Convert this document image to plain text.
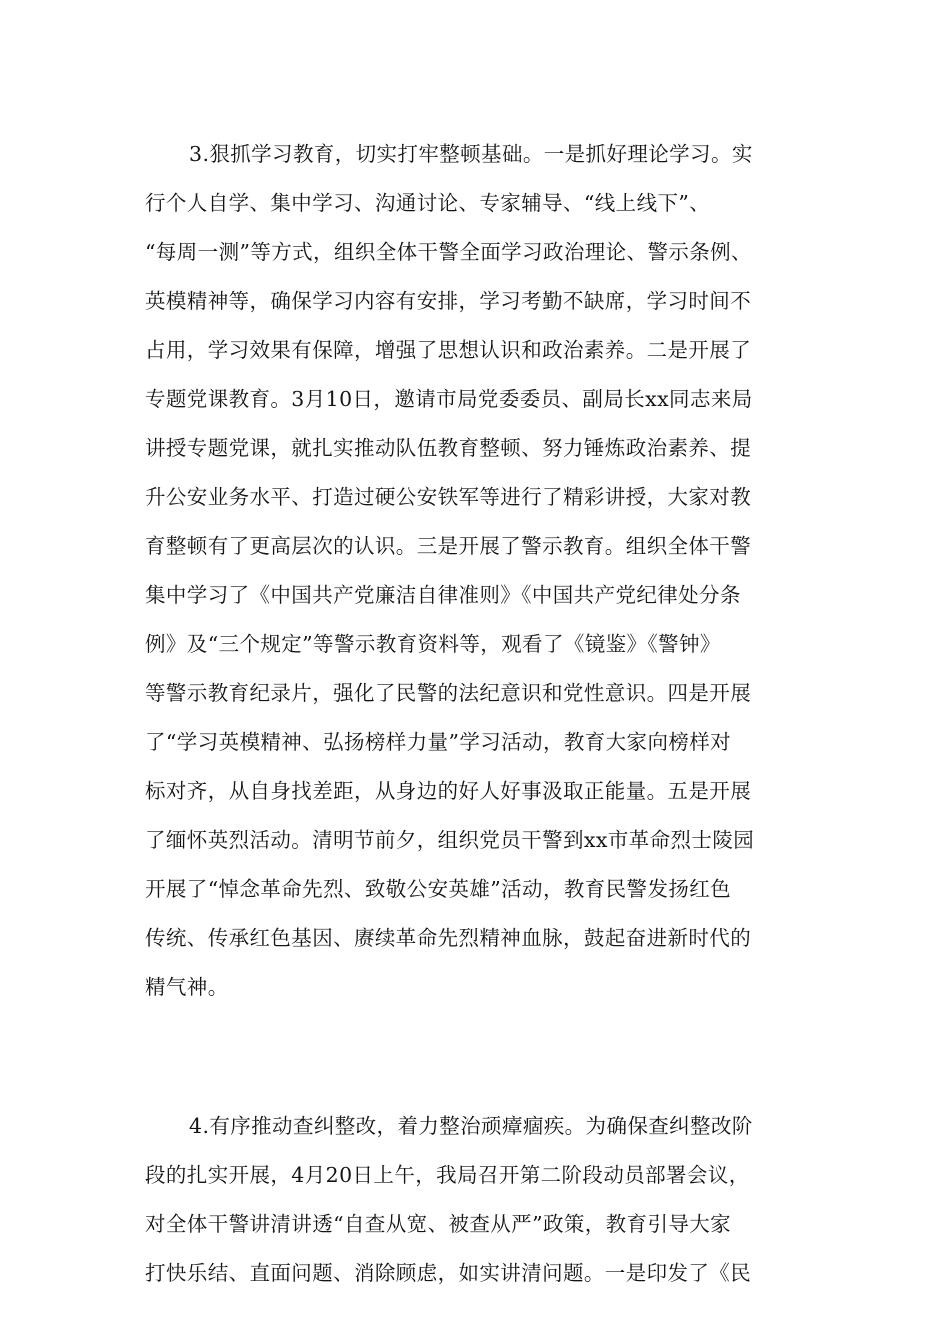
3.狠抓学习教育，切实打牢整顿基础。一是抓好理论学习。实
行个人自学、集中学习、沟通讨论、专家辅导、“线上线下”、
“每周一测”等方式，组织全体干警全面学习政治理论、警示条例、
英模精神等，确保学习内容有安排，学习考勤不缺席，学习时间不
占用，学习效果有保障，增强了思想认识和政治素养。二是开展了
专题党课教育。3月10日，邀请市局党委委员、副局长xx同志来局
讲授专题党课，就扎实推动队伍教育整顿、努力锤炼政治素养、提
升公安业务水平、打造过硬公安铁军等进行了精彩讲授，大家对教
育整顿有了更高层次的认识。三是开展了警示教育。组织全体干警
集中学习了《中国共产党廉洁自律准则》《中国共产党纪律处分条
例》及“三个规定”等警示教育资料等，观看了《镜鉴》《警钟》
等警示教育纪录片，强化了民警的法纪意识和党性意识。四是开展
了“学习英模精神、弘扬榜样力量”学习活动，教育大家向榜样对
标对齐，从自身找差距，从身边的好人好事汲取正能量。五是开展
了缅怀英烈活动。清明节前夕，组织党员干警到xx市革命烈士陵园
开展了“悼念革命先烈、致敬公安英雄”活动，教育民警发扬红色
传统、传承红色基因、赓续革命先烈精神血脉，鼓起奋进新时代的
精气神。
4.有序推动查纠整改，着力整治顽瘴痼疾。为确保查纠整改阶
段的扎实开展，4月20日上午，我局召开第二阶段动员部署会议，
对全体干警讲清讲透“自查从宽、被查从严”政策，教育引导大家
打快乐结、直面问题、消除顾虑，如实讲清问题。一是印发了《民
